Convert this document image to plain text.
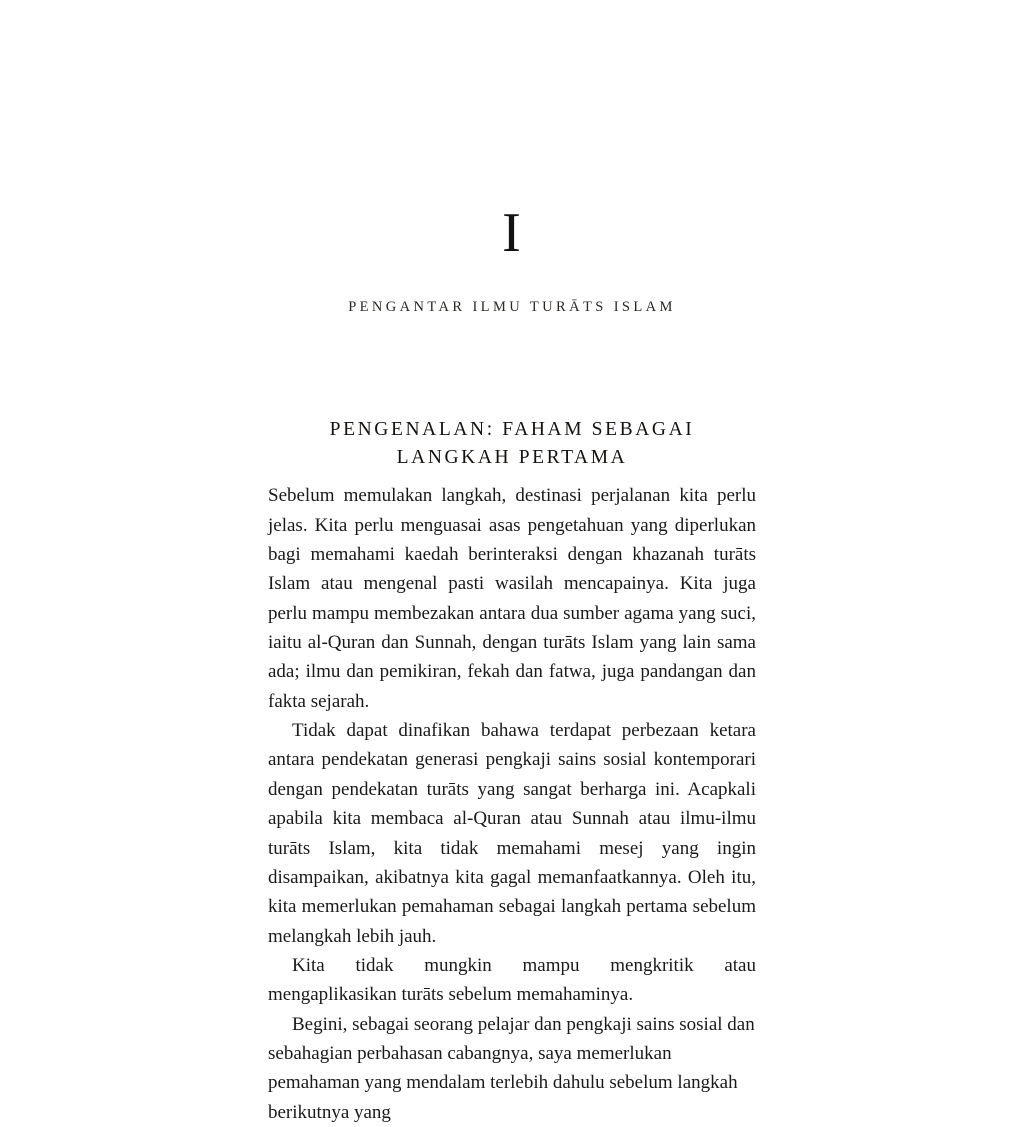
I
PENGANTAR ILMU TURĀTS ISLAM
PENGENALAN: FAHAM SEBAGAI
LANGKAH PERTAMA

Sebelum memulakan langkah, destinasi perjalanan kita perlu jelas. Kita perlu menguasai asas pengetahuan yang diperlukan bagi memahami kaedah berinteraksi dengan khazanah turāts Islam atau mengenal pasti wasilah mencapainya. Kita juga perlu mampu membezakan antara dua sumber agama yang suci, iaitu al-Quran dan Sunnah, dengan turāts Islam yang lain sama ada; ilmu dan pemikiran, fekah dan fatwa, juga pandangan dan fakta sejarah.

Tidak dapat dinafikan bahawa terdapat perbezaan ketara antara pendekatan generasi pengkaji sains sosial kontemporari dengan pendekatan turāts yang sangat berharga ini. Acapkali apabila kita membaca al-Quran atau Sunnah atau ilmu-ilmu turāts Islam, kita tidak memahami mesej yang ingin disampaikan, akibatnya kita gagal memanfaatkannya. Oleh itu, kita memerlukan pemahaman sebagai langkah pertama sebelum melangkah lebih jauh.

Kita tidak mungkin mampu mengkritik atau mengaplikasikan turāts sebelum memahaminya.

Begini, sebagai seorang pelajar dan pengkaji sains sosial dan sebahagian perbahasan cabangnya, saya memerlukan pemahaman yang mendalam terlebih dahulu sebelum langkah berikutnya yang
